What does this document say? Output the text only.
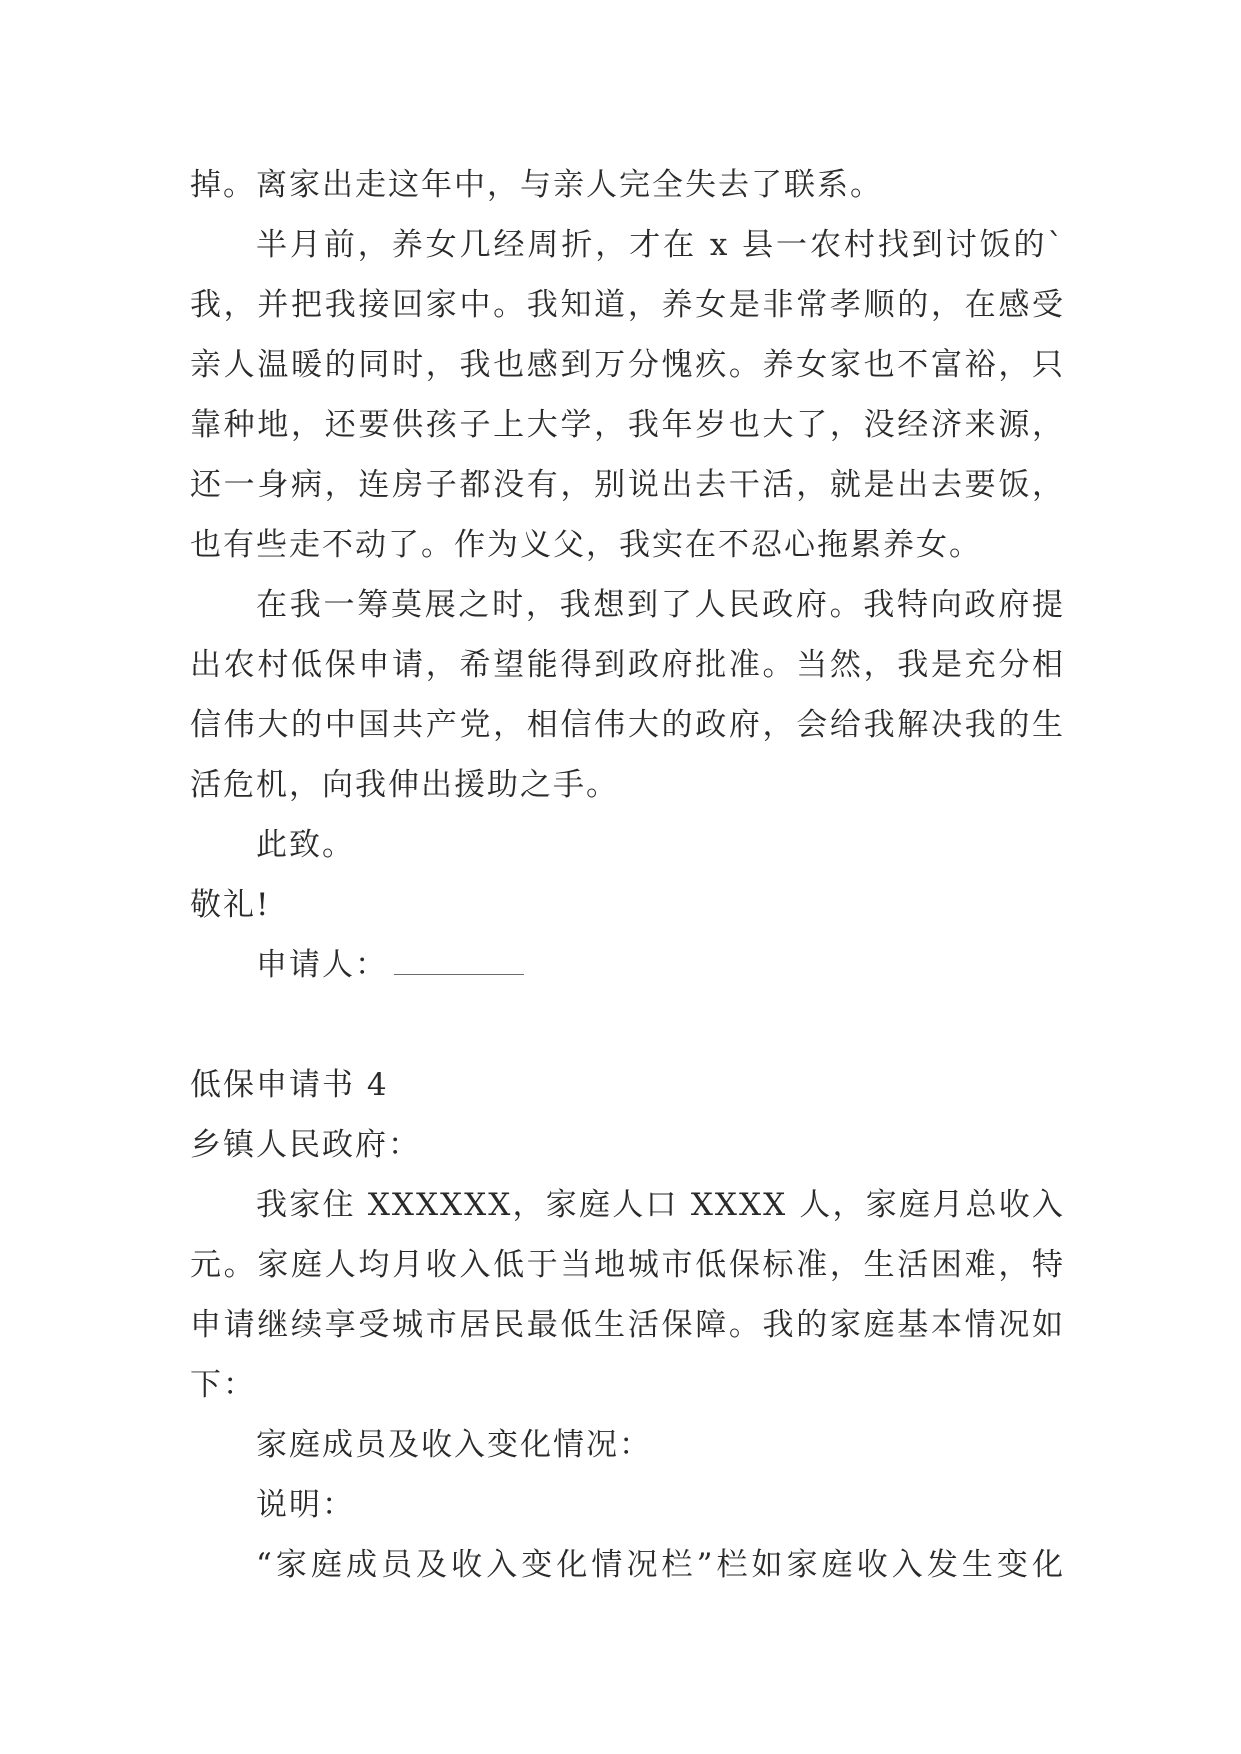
掉。离家出走这年中，与亲人完全失去了联系。
半月前，养女几经周折，才在 x 县一农村找到讨饭的`
我，并把我接回家中。我知道，养女是非常孝顺的，在感受
亲人温暖的同时，我也感到万分愧疚。养女家也不富裕，只
靠种地，还要供孩子上大学，我年岁也大了，没经济来源，
还一身病，连房子都没有，别说出去干活，就是出去要饭，
也有些走不动了。作为义父，我实在不忍心拖累养女。
在我一筹莫展之时，我想到了人民政府。我特向政府提
出农村低保申请，希望能得到政府批准。当然，我是充分相
信伟大的中国共产党，相信伟大的政府，会给我解决我的生
活危机，向我伸出援助之手。
此致。
敬礼!
申请人：
低保申请书 4
乡镇人民政府：
我家住 XXXXXX，家庭人口 XXXX 人，家庭月总收入
元。家庭人均月收入低于当地城市低保标准，生活困难，特
申请继续享受城市居民最低生活保障。我的家庭基本情况如
下：
家庭成员及收入变化情况：
说明：
“家庭成员及收入变化情况栏”栏如家庭收入发生变化
